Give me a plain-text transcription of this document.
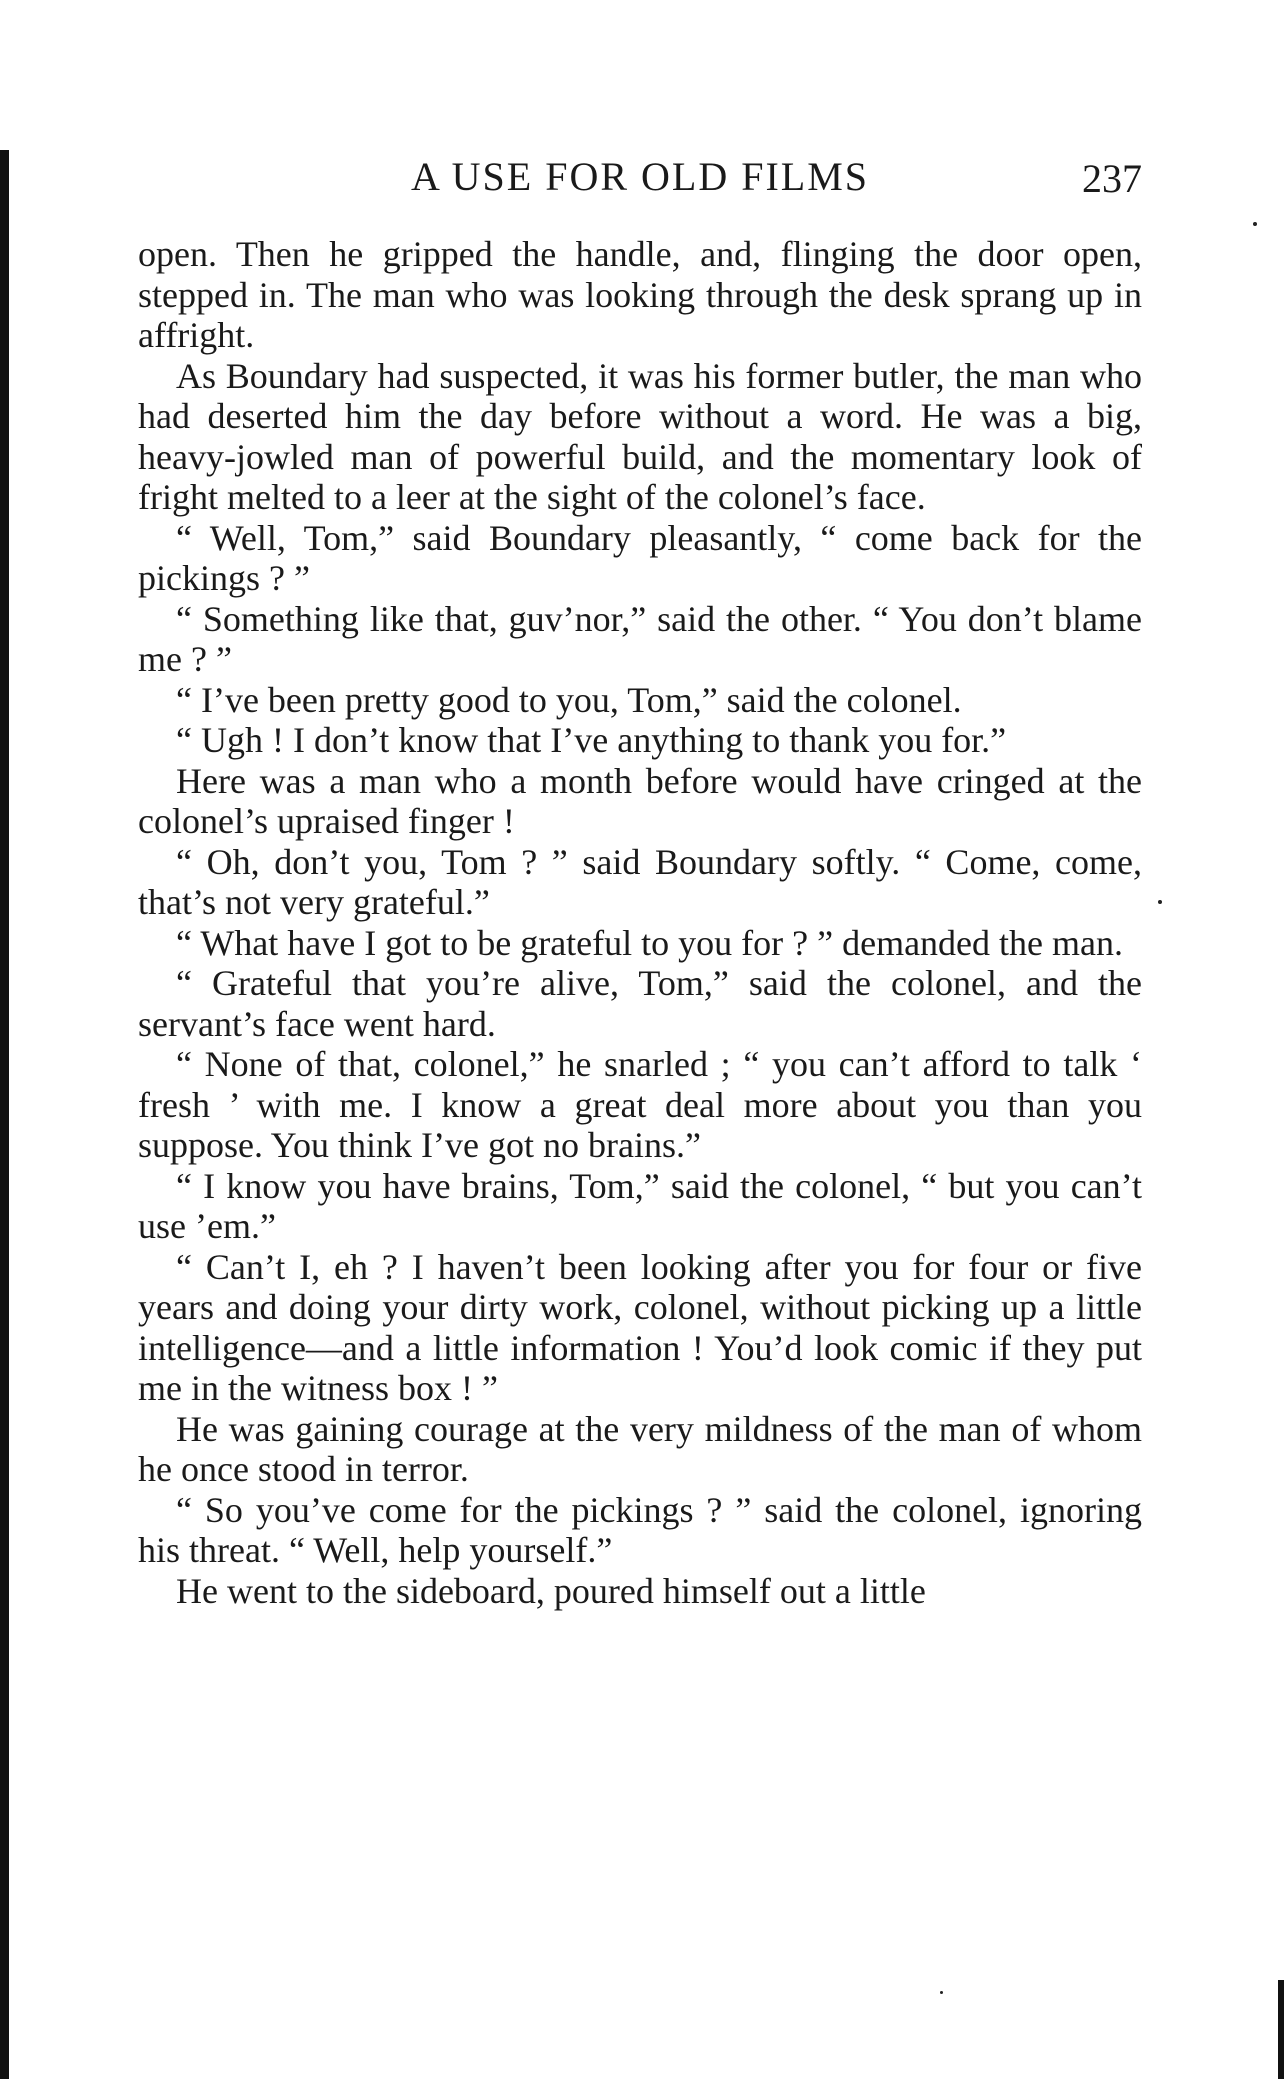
A USE FOR OLD FILMS	237

open. Then he gripped the handle, and, flinging the door open, stepped in. The man who was looking through the desk sprang up in affright.

As Boundary had suspected, it was his former butler, the man who had deserted him the day before without a word. He was a big, heavy-jowled man of powerful build, and the momentary look of fright melted to a leer at the sight of the colonel’s face.

“ Well, Tom,” said Boundary pleasantly, “ come back for the pickings ? ”

“ Something like that, guv’nor,” said the other. “ You don’t blame me ? ”

“ I’ve been pretty good to you, Tom,” said the colonel.

“ Ugh ! I don’t know that I’ve anything to thank you for.”

Here was a man who a month before would have cringed at the colonel’s upraised finger !

“ Oh, don’t you, Tom ? ” said Boundary softly. “ Come, come, that’s not very grateful.”

“ What have I got to be grateful to you for ? ” demanded the man.

“ Grateful that you’re alive, Tom,” said the colonel, and the servant’s face went hard.

“ None of that, colonel,” he snarled ; “ you can’t afford to talk ‘ fresh ’ with me. I know a great deal more about you than you suppose. You think I’ve got no brains.”

“ I know you have brains, Tom,” said the colonel, “ but you can’t use ’em.”

“ Can’t I, eh ? I haven’t been looking after you for four or five years and doing your dirty work, colonel, without picking up a little intelligence—and a little information ! You’d look comic if they put me in the witness box ! ”

He was gaining courage at the very mildness of the man of whom he once stood in terror.

“ So you’ve come for the pickings ? ” said the colonel, ignoring his threat. “ Well, help yourself.”

He went to the sideboard, poured himself out a little
